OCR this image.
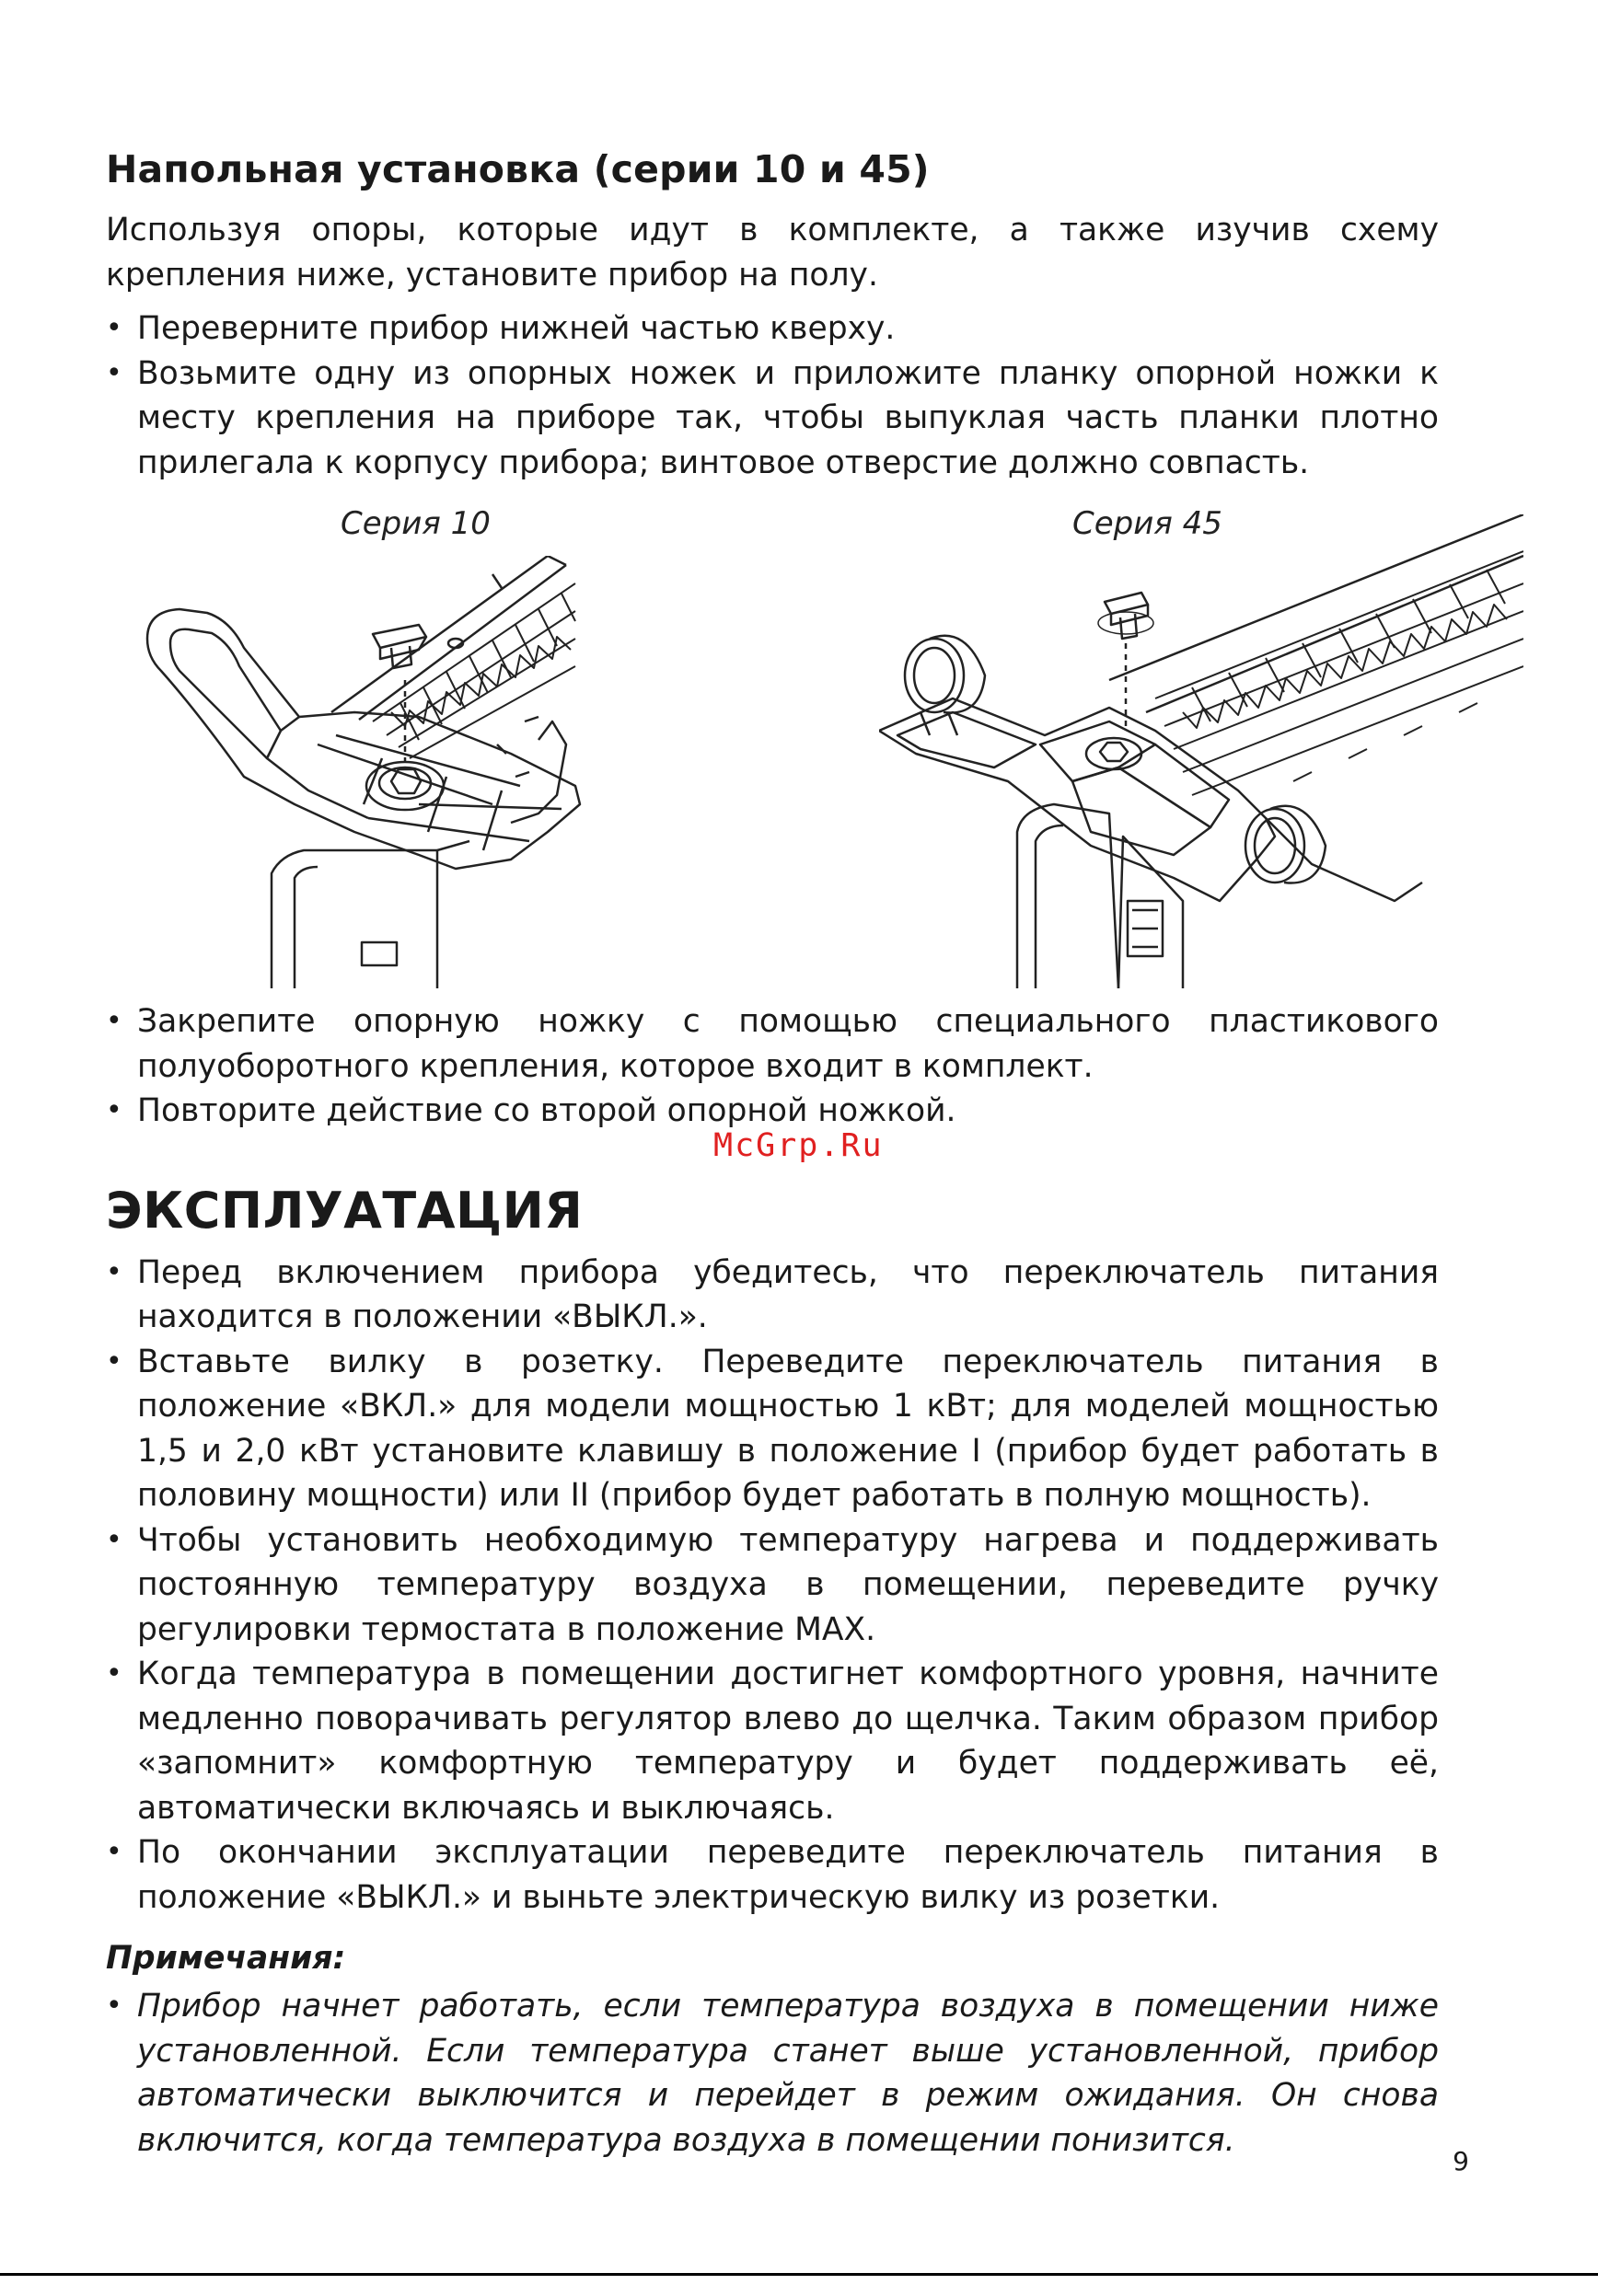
Напольная установка (серии 10 и 45)

Используя опоры, которые идут в комплекте, а также изучив схему крепления ниже, установите прибор на полу.

• Переверните прибор нижней частью кверху.
• Возьмите одну из опорных ножек и приложите планку опорной ножки к месту крепления на приборе так, чтобы выпуклая часть планки плотно прилегала к корпусу прибора; винтовое отверстие должно совпасть.
Серия 10	Серия 45
• Закрепите опорную ножку с помощью специального пластикового полуоборотного крепления, которое входит в комплект.
• Повторите действие со второй опорной ножкой.
ЭКСПЛУАТАЦИЯ
• Перед включением прибора убедитесь, что переключатель питания находится в положении «ВЫКЛ.».
• Вставьте вилку в розетку. Переведите переключатель питания в положение «ВКЛ.» для модели мощностью 1 кВт; для моделей мощностью 1,5 и 2,0 кВт установите клавишу в положение I (прибор будет работать в половину мощности) или II (прибор будет работать в полную мощность).
• Чтобы установить необходимую температуру нагрева и поддерживать постоянную температуру воздуха в помещении, переведите ручку регулировки термостата в положение MAX.
• Когда температура в помещении достигнет комфортного уровня, начните медленно поворачивать регулятор влево до щелчка. Таким образом прибор «запомнит» комфортную температуру и будет поддерживать её, автоматически включаясь и выключаясь.
• По окончании эксплуатации переведите переключатель питания в положение «ВЫКЛ.» и выньте электрическую вилку из розетки.
Примечания:
• Прибор начнет работать, если температура воздуха в помещении ниже установленной. Если температура станет выше установленной, прибор автоматически выключится и перейдет в режим ожидания. Он снова включится, когда температура воздуха в помещении понизится.
McGrp.Ru
9
